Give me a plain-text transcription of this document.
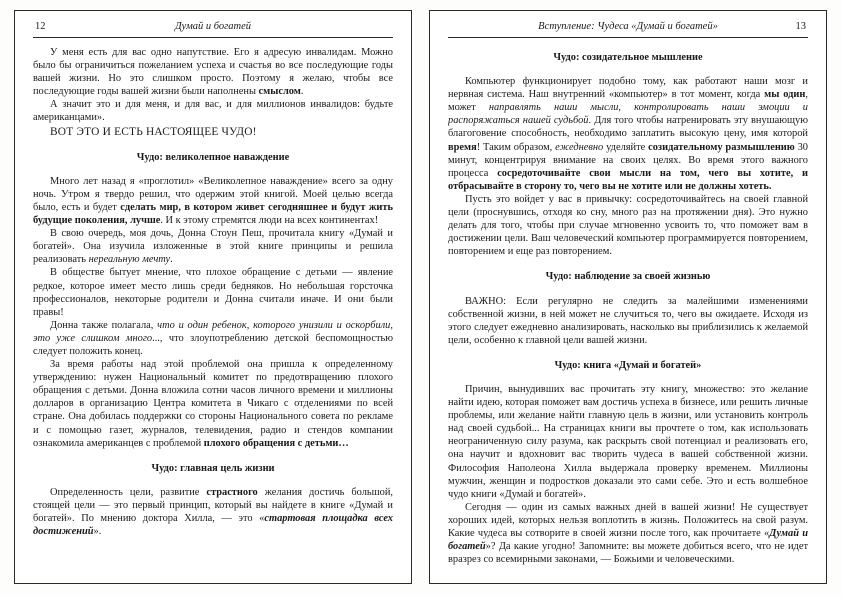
12	Думай и богатей
У меня есть для вас одно напутствие. Его я адресую инвалидам. Можно было бы ограничиться пожеланием успеха и счастья во все последующие годы вашей жизни. Но это слишком просто. Поэтому я желаю, чтобы все последующие годы вашей жизни были наполнены смыслом.
А значит это и для меня, и для вас, и для миллионов инвалидов: будьте американцами».
ВОТ ЭТО И ЕСТЬ НАСТОЯЩЕЕ ЧУДО!
Чудо: великолепное наваждение
Много лет назад я «проглотил» «Великолепное наваждение» всего за одну ночь. Утром я твердо решил, что одержим этой книгой. Моей целью всегда было, есть и будет сделать мир, в котором живет сегодняшнее и будут жить будущие поколения, лучше. И к этому стремятся люди на всех континентах!
В свою очередь, моя дочь, Донна Стоун Пеш, прочитала книгу «Думай и богатей». Она изучила изложенные в этой книге принципы и решила реализовать нереальную мечту.
В обществе бытует мнение, что плохое обращение с детьми — явление редкое, которое имеет место лишь среди бедняков. Но небольшая горсточка профессионалов, некоторые родители и Донна считали иначе. И они были правы!
Донна также полагала, что и один ребенок, которого унизили и оскорбили, это уже слишком много..., что злоупотреблению детской беспомощностью следует положить конец.
За время работы над этой проблемой она пришла к определенному утверждению: нужен Национальный комитет по предотвращению плохого обращения с детьми. Донна вложила сотни часов личного времени и миллионы долларов в организацию Центра комитета в Чикаго с отделениями по всей стране. Она добилась поддержки со стороны Национального совета по рекламе и с помощью газет, журналов, телевидения, радио и стендов компании ознакомила американцев с проблемой плохого обращения с детьми…
Чудо: главная цель жизни
Определенность цели, развитие страстного желания достичь большой, стоящей цели — это первый принцип, который вы найдете в книге «Думай и богатей». По мнению доктора Хилла, — это «стартовая площадка всех достижений».
Вступление: Чудеса «Думай и богатей»	13
Чудо: созидательное мышление
Компьютер функционирует подобно тому, как работают наши мозг и нервная система. Наш внутренний «компьютер» в тот момент, когда мы один, может направлять наши мысли, контролировать наши эмоции и распоряжаться нашей судьбой. Для того чтобы натренировать эту внушающую благоговение способность, необходимо заплатить высокую цену, имя которой время! Таким образом, ежедневно уделяйте созидательному размышлению 30 минут, концентрируя внимание на своих целях. Во время этого важного процесса сосредоточивайте свои мысли на том, чего вы хотите, и отбрасывайте в сторону то, чего вы не хотите или не должны хотеть.
Пусть это войдет у вас в привычку: сосредоточивайтесь на своей главной цели (проснувшись, отходя ко сну, много раз на протяжении дня). Это нужно делать для того, чтобы при случае мгновенно усвоить то, что поможет вам в достижении цели. Ваш человеческий компьютер программируется повторением, повторением и еще раз повторением.
Чудо: наблюдение за своей жизнью
ВАЖНО: Если регулярно не следить за малейшими изменениями собственной жизни, в ней может не случиться то, чего вы ожидаете. Исходя из этого следует ежедневно анализировать, насколько вы приблизились к желаемой цели, особенно к главной цели вашей жизни.
Чудо: книга «Думай и богатей»
Причин, вынудивших вас прочитать эту книгу, множество: это желание найти идею, которая поможет вам достичь успеха в бизнесе, или решить личные проблемы, или желание найти главную цель в жизни, или установить контроль над своей судьбой... На страницах книги вы прочтете о том, как использовать неограниченную силу разума, как раскрыть свой потенциал и реализовать его, она научит и вдохновит вас творить чудеса в вашей собственной жизни. Философия Наполеона Хилла выдержала проверку временем. Миллионы мужчин, женщин и подростков доказали это сами себе. Это и есть волшебное чудо книги «Думай и богатей».
Сегодня — один из самых важных дней в вашей жизни! Не существует хороших идей, которых нельзя воплотить в жизнь. Положитесь на свой разум. Какие чудеса вы сотворите в своей жизни после того, как прочитаете «Думай и богатей»? Да какие угодно! Запомните: вы можете добиться всего, что не идет вразрез со всемирными законами, — Божьими и человеческими.
